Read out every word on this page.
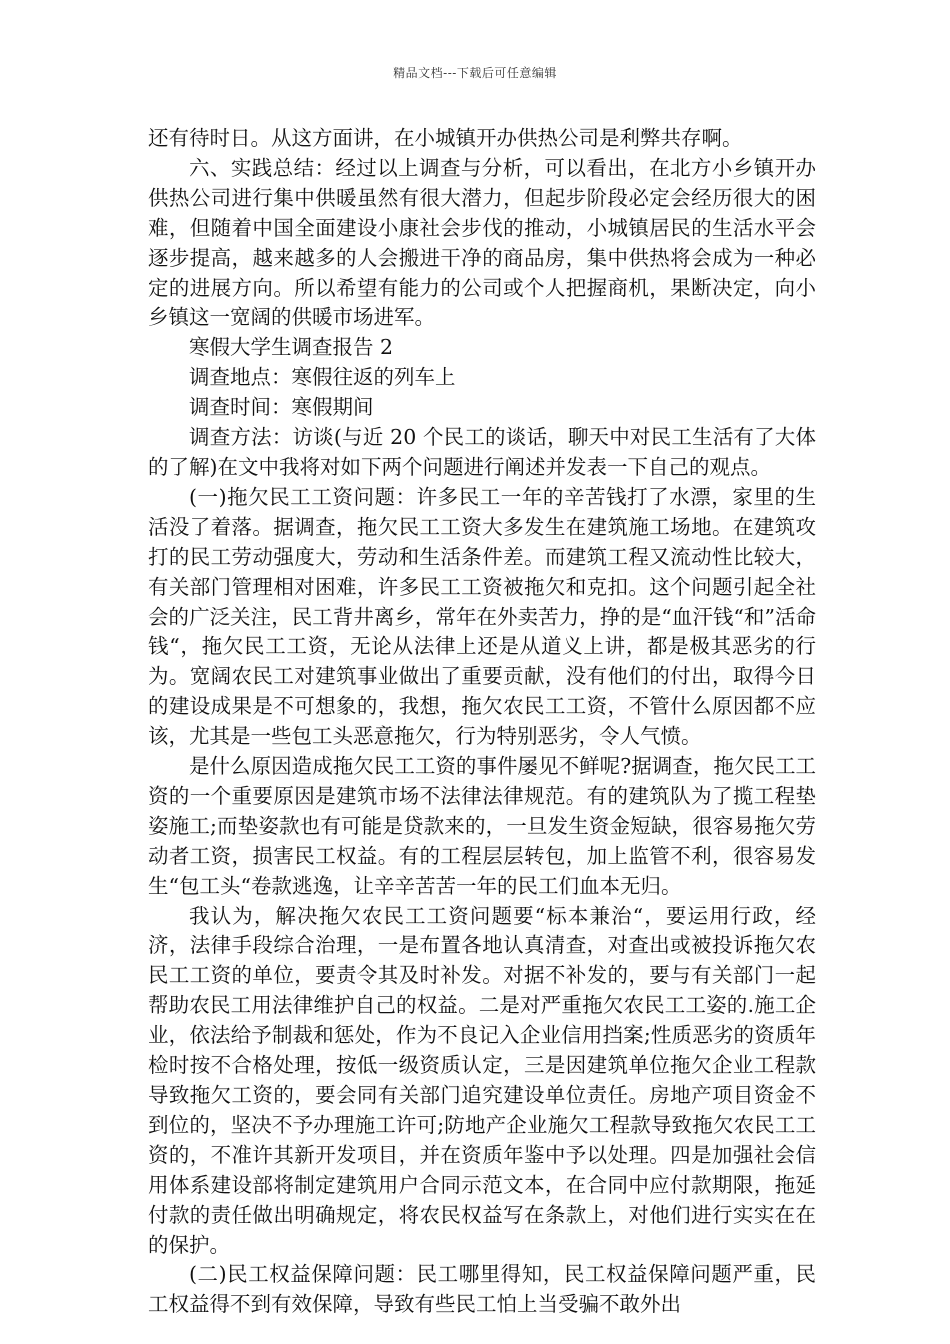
精品文档---下载后可任意编辑

还有待时日。从这方面讲，在小城镇开办供热公司是利弊共存啊。

六、实践总结：经过以上调查与分析，可以看出，在北方小乡镇开办供热公司进行集中供暖虽然有很大潜力，但起步阶段必定会经历很大的困难，但随着中国全面建设小康社会步伐的推动，小城镇居民的生活水平会逐步提高，越来越多的人会搬进干净的商品房，集中供热将会成为一种必定的进展方向。所以希望有能力的公司或个人把握商机，果断决定，向小乡镇这一宽阔的供暖市场进军。

寒假大学生调查报告 2

调查地点：寒假往返的列车上

调查时间：寒假期间

调查方法：访谈(与近 20 个民工的谈话，聊天中对民工生活有了大体的了解)在文中我将对如下两个问题进行阐述并发表一下自己的观点。

(一)拖欠民工工资问题：许多民工一年的辛苦钱打了水漂，家里的生活没了着落。据调查，拖欠民工工资大多发生在建筑施工场地。在建筑攻打的民工劳动强度大，劳动和生活条件差。而建筑工程又流动性比较大，有关部门管理相对困难，许多民工工资被拖欠和克扣。这个问题引起全社会的广泛关注，民工背井离乡，常年在外卖苦力，挣的是“血汗钱“和”活命钱“，拖欠民工工资，无论从法律上还是从道义上讲，都是极其恶劣的行为。宽阔农民工对建筑事业做出了重要贡献，没有他们的付出，取得今日的建设成果是不可想象的，我想，拖欠农民工工资，不管什么原因都不应该，尤其是一些包工头恶意拖欠，行为特别恶劣，令人气愤。

是什么原因造成拖欠民工工资的事件屡见不鲜呢?据调查，拖欠民工工资的一个重要原因是建筑市场不法律法律规范。有的建筑队为了揽工程垫姿施工;而垫姿款也有可能是贷款来的，一旦发生资金短缺，很容易拖欠劳动者工资，损害民工权益。有的工程层层转包，加上监管不利，很容易发生“包工头“卷款逃逸，让辛辛苦苦一年的民工们血本无归。

我认为，解决拖欠农民工工资问题要“标本兼治“，要运用行政，经济，法律手段综合治理，一是布置各地认真清查，对查出或被投诉拖欠农民工工资的单位，要责令其及时补发。对据不补发的，要与有关部门一起帮助农民工用法律维护自己的权益。二是对严重拖欠农民工工姿的.施工企业，依法给予制裁和惩处，作为不良记入企业信用挡案;性质恶劣的资质年检时按不合格处理，按低一级资质认定，三是因建筑单位拖欠企业工程款导致拖欠工资的，要会同有关部门追究建设单位责任。房地产项目资金不到位的，坚决不予办理施工许可;防地产企业施欠工程款导致拖欠农民工工资的，不准许其新开发项目，并在资质年鉴中予以处理。四是加强社会信用体系建设部将制定建筑用户合同示范文本，在合同中应付款期限，拖延付款的责任做出明确规定，将农民权益写在条款上，对他们进行实实在在的保护。

(二)民工权益保障问题：民工哪里得知，民工权益保障问题严重，民工权益得不到有效保障，导致有些民工怕上当受骗不敢外出
